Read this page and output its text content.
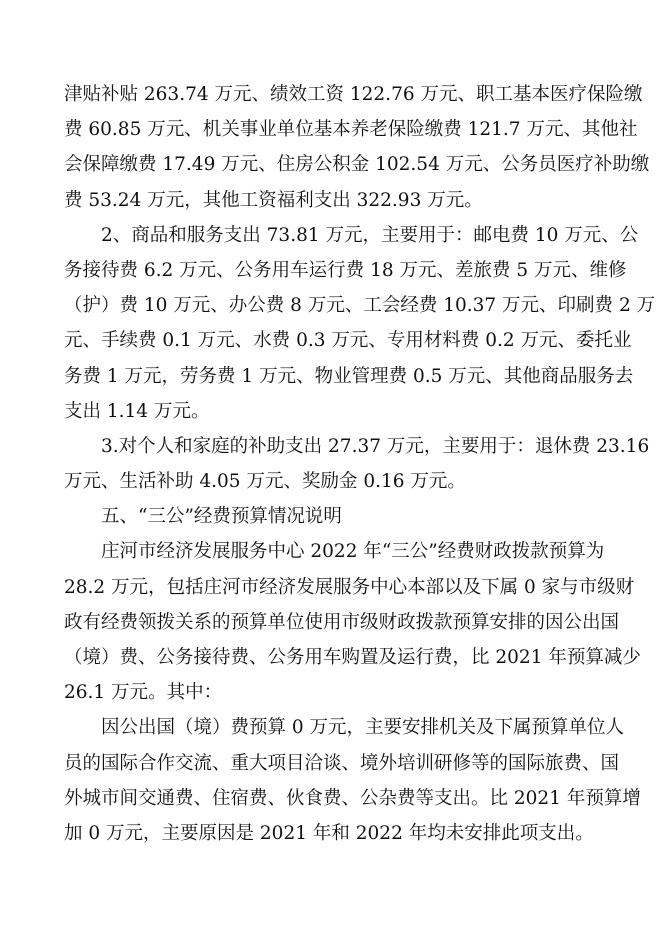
津贴补贴 263.74 万元、绩效工资 122.76 万元、职工基本医疗保险缴
费 60.85 万元、机关事业单位基本养老保险缴费 121.7 万元、其他社
会保障缴费 17.49 万元、住房公积金 102.54 万元、公务员医疗补助缴
费 53.24 万元，其他工资福利支出 322.93 万元。
2、商品和服务支出 73.81 万元，主要用于：邮电费 10 万元、公
务接待费 6.2 万元、公务用车运行费 18 万元、差旅费 5 万元、维修
（护）费 10 万元、办公费 8 万元、工会经费 10.37 万元、印刷费 2 万
元、手续费 0.1 万元、水费 0.3 万元、专用材料费 0.2 万元、委托业
务费 1 万元，劳务费 1 万元、物业管理费 0.5 万元、其他商品服务去
支出 1.14 万元。
3.对个人和家庭的补助支出 27.37 万元，主要用于：退休费 23.16
万元、生活补助 4.05 万元、奖励金 0.16 万元。
五、“三公”经费预算情况说明
庄河市经济发展服务中心 2022 年“三公”经费财政拨款预算为
28.2 万元，包括庄河市经济发展服务中心本部以及下属 0 家与市级财
政有经费领拨关系的预算单位使用市级财政拨款预算安排的因公出国
（境）费、公务接待费、公务用车购置及运行费，比 2021 年预算减少
26.1 万元。其中：
因公出国（境）费预算 0 万元，主要安排机关及下属预算单位人
员的国际合作交流、重大项目洽谈、境外培训研修等的国际旅费、国
外城市间交通费、住宿费、伙食费、公杂费等支出。比 2021 年预算增
加 0 万元，主要原因是 2021 年和 2022 年均未安排此项支出。
